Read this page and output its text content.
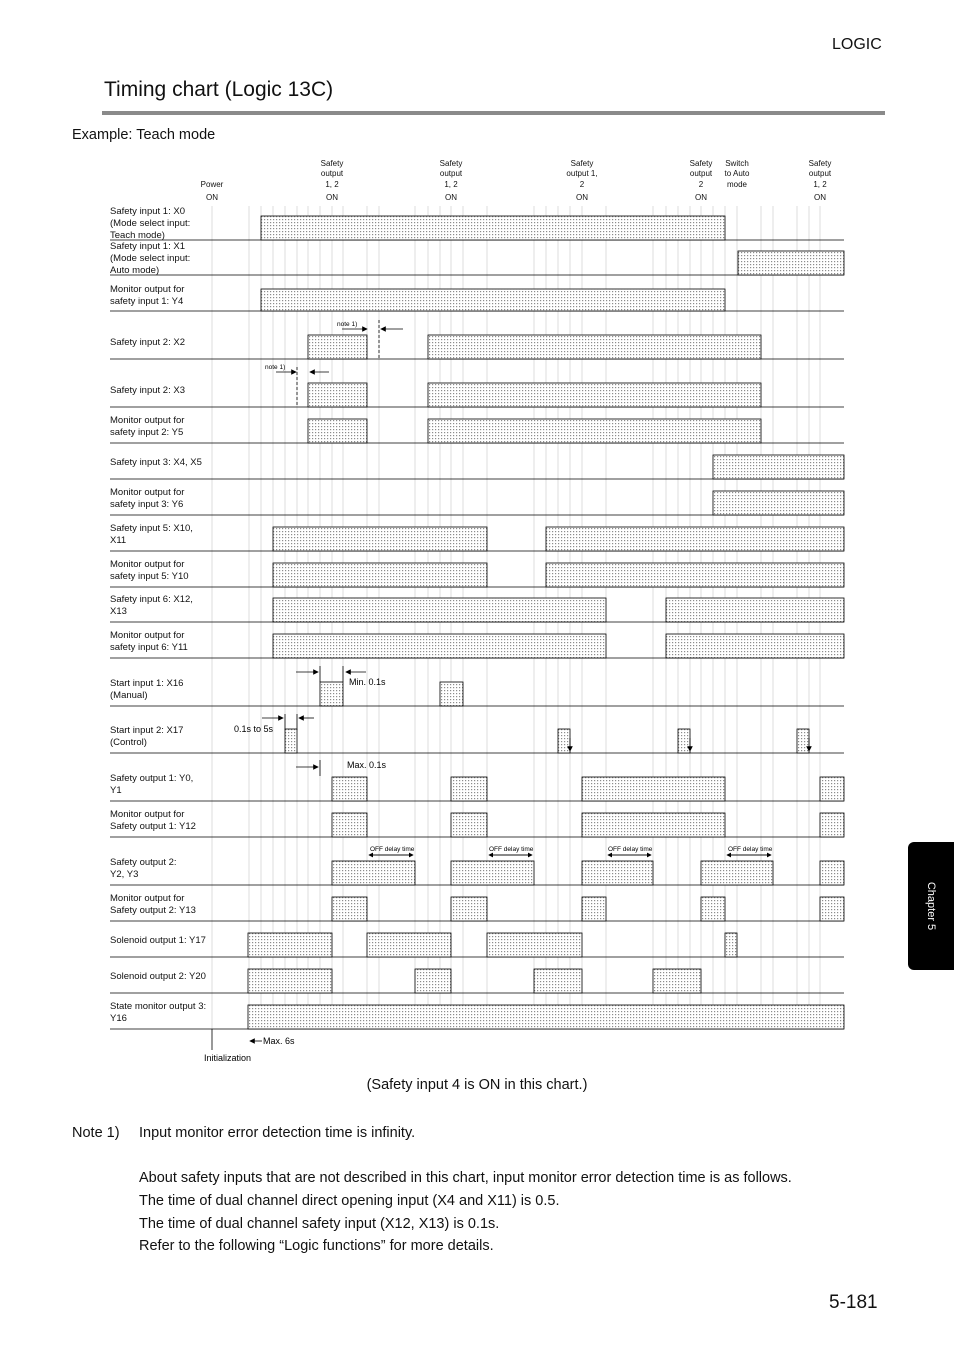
LOGIC
Timing chart (Logic 13C)
Example: Teach mode
note 1)
note 1)
Min. 0.1s
0.1s to 5s
Max. 0.1s
OFF delay time	OFF delay time	OFF delay time	OFF delay time
Max. 6s
Initialization
Power
ON
Safety
output
1, 2
ON
Safety
output
1, 2
ON
Safety
output 1,
2
ON
Safety
output
2
ON
Switch
to Auto
mode
Safety
output
1, 2
ON
Safety input 1: X0
(Mode select input:
Teach mode)
Safety input 1: X1
(Mode select input:
Auto mode)
Monitor output for
safety input 1: Y4
Safety input 2: X2
Safety input 2: X3
Monitor output for
safety input 2: Y5
Safety input 3: X4, X5
Monitor output for
safety input 3: Y6
Safety input 5: X10,
X11
Monitor output for
safety input 5: Y10
Safety input 6: X12,
X13
Monitor output for
safety input 6: Y11
Start input 1: X16
(Manual)
Start input 2: X17
(Control)
Safety output 1: Y0,
Y1
Monitor output for
Safety output 1: Y12
Safety output 2:
Y2, Y3
Monitor output for
Safety output 2: Y13
Solenoid output 1: Y17
Solenoid output 2: Y20
State monitor output 3:
Y16
Chapter 5
(Safety input 4 is ON in this chart.)
Note 1) Input monitor error detection time is infinity.
About safety inputs that are not described in this chart, input monitor error detection time is as follows.
The time of dual channel direct opening input (X4 and X11) is 0.5.
The time of dual channel safety input (X12, X13) is 0.1s.
Refer to the following “Logic functions” for more details.
5-181
